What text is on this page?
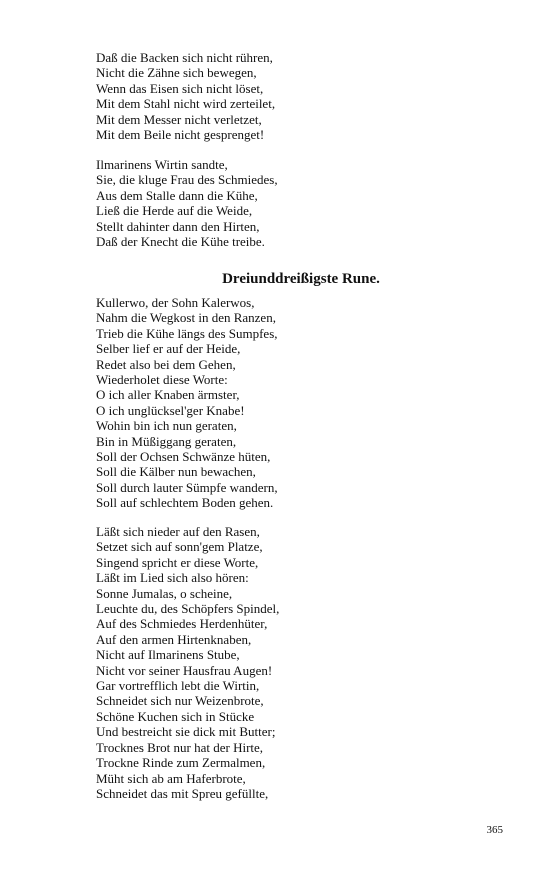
Daß die Backen sich nicht rühren,
Nicht die Zähne sich bewegen,
Wenn das Eisen sich nicht löset,
Mit dem Stahl nicht wird zerteilet,
Mit dem Messer nicht verletzet,
Mit dem Beile nicht gesprenget!
Ilmarinens Wirtin sandte,
Sie, die kluge Frau des Schmiedes,
Aus dem Stalle dann die Kühe,
Ließ die Herde auf die Weide,
Stellt dahinter dann den Hirten,
Daß der Knecht die Kühe treibe.
Dreiunddreißigste Rune.
Kullerwo, der Sohn Kalerwos,
Nahm die Wegkost in den Ranzen,
Trieb die Kühe längs des Sumpfes,
Selber lief er auf der Heide,
Redet also bei dem Gehen,
Wiederholet diese Worte:
O ich aller Knaben ärmster,
O ich unglücksel'ger Knabe!
Wohin bin ich nun geraten,
Bin in Müßiggang geraten,
Soll der Ochsen Schwänze hüten,
Soll die Kälber nun bewachen,
Soll durch lauter Sümpfe wandern,
Soll auf schlechtem Boden gehen.
Läßt sich nieder auf den Rasen,
Setzet sich auf sonn'gem Platze,
Singend spricht er diese Worte,
Läßt im Lied sich also hören:
Sonne Jumalas, o scheine,
Leuchte du, des Schöpfers Spindel,
Auf des Schmiedes Herdenhüter,
Auf den armen Hirtenknaben,
Nicht auf Ilmarinens Stube,
Nicht vor seiner Hausfrau Augen!
Gar vortrefflich lebt die Wirtin,
Schneidet sich nur Weizenbrote,
Schöne Kuchen sich in Stücke
Und bestreicht sie dick mit Butter;
Trocknes Brot nur hat der Hirte,
Trockne Rinde zum Zermalmen,
Müht sich ab am Haferbrote,
Schneidet das mit Spreu gefüllte,
365
